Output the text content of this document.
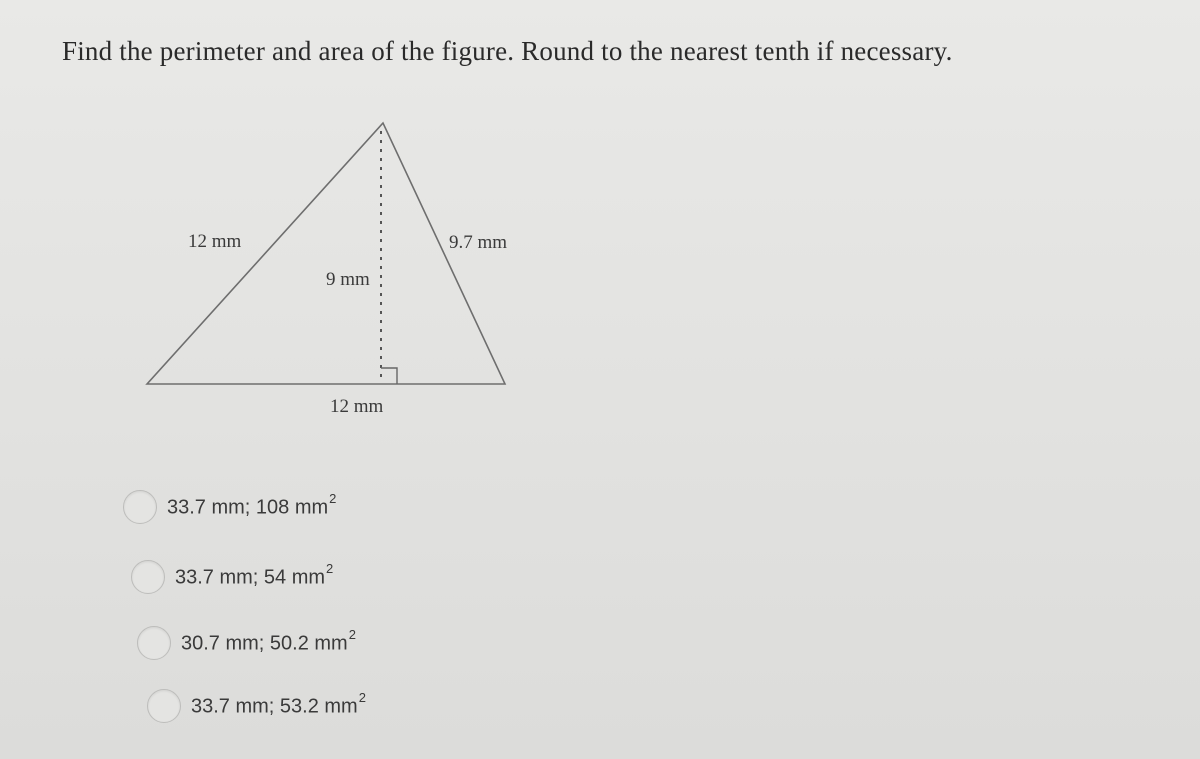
Find the perimeter and area of the figure. Round to the nearest tenth if necessary.
12 mm	9.7 mm
9 mm
12 mm
33.7 mm; 108 $mm^2$
33.7 mm; 54 $mm^2$
30.7 mm; 50.2 $mm^2$
33.7 mm; 53.2 $mm^2$
